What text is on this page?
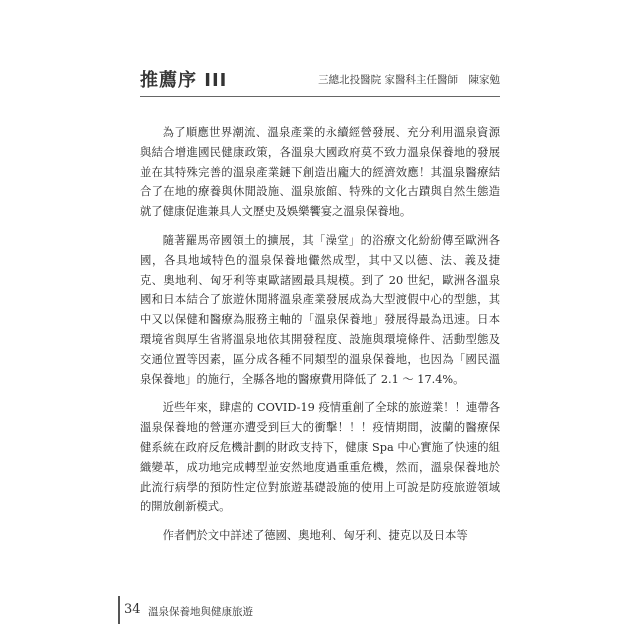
推薦序 III	三總北投醫院 家醫科主任醫師　陳家勉

為了順應世界潮流、溫泉產業的永續經營發展、充分利用溫泉資源與結合增進國民健康政策，各溫泉大國政府莫不致力溫泉保養地的發展並在其特殊完善的溫泉產業鏈下創造出龐大的經濟效應！其溫泉醫療結合了在地的療養與休閒設施、溫泉旅館、特殊的文化古蹟與自然生態造就了健康促進兼具人文歷史及娛樂饗宴之溫泉保養地。

隨著羅馬帝國領土的擴展，其「澡堂」的浴療文化紛紛傳至歐洲各國，各具地域特色的溫泉保養地儼然成型，其中又以德、法、義及捷克、奧地利、匈牙利等東歐諸國最具規模。到了 20 世紀，歐洲各溫泉國和日本結合了旅遊休閒將溫泉產業發展成為大型渡假中心的型態，其中又以保健和醫療為服務主軸的「溫泉保養地」發展得最為迅速。日本環境省與厚生省將溫泉地依其開發程度、設施與環境條件、活動型態及交通位置等因素，區分成各種不同類型的溫泉保養地，也因為「國民溫泉保養地」的施行，全縣各地的醫療費用降低了 2.1 ～ 17.4%。

近些年來，肆虐的 COVID-19 疫情重創了全球的旅遊業！！連帶各溫泉保養地的營運亦遭受到巨大的衝擊！！！疫情期間，波蘭的醫療保健系統在政府反危機計劃的財政支持下，健康 Spa 中心實施了快速的組織變革，成功地完成轉型並安然地度過重重危機，然而，溫泉保養地於此流行病學的預防性定位對旅遊基礎設施的使用上可說是防疫旅遊領域的開放創新模式。

作者們於文中詳述了德國、奧地利、匈牙利、捷克以及日本等

34 溫泉保養地與健康旅遊
